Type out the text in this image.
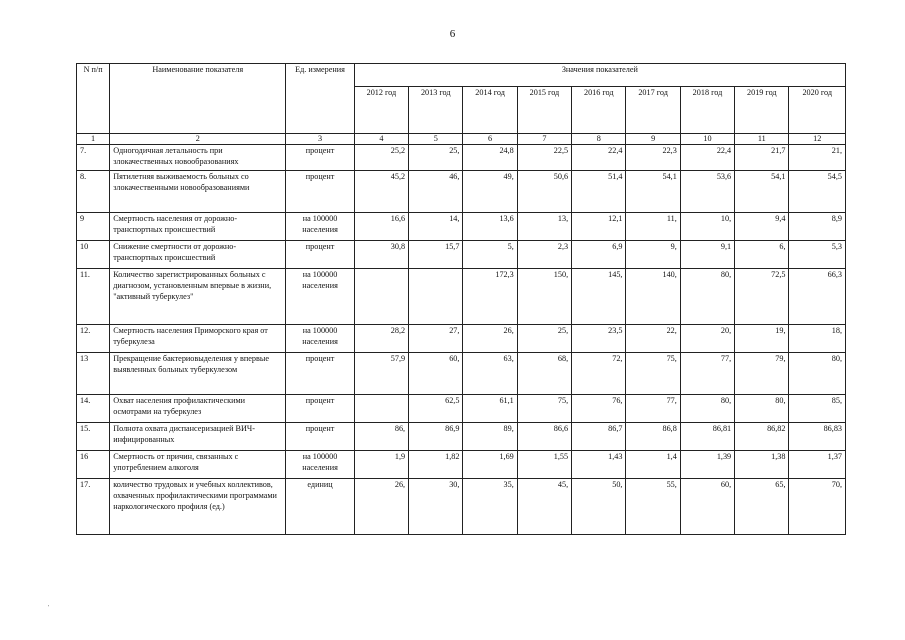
6
N п/п	Наименование показателя	Ед. измерения	Значения показателей								
			2012 год	2013 год	2014 год	2015 год	2016 год	2017 год	2018 год	2019 год	2020 год
1	2	3	4	5	6	7	8	9	10	11	12
7.	Одногодичная летальность при злокачественных новообразованиях	процент	25,2	25,	24,8	22,5	22,4	22,3	22,4	21,7	21,
8.	Пятилетняя выживаемость больных со злокачественными новообразованиями	процент	45,2	46,	49,	50,6	51,4	54,1	53,6	54,1	54,5
9	Смертность населения от дорожно-транспортных происшествий	на 100000 населения	16,6	14,	13,6	13,	12,1	11,	10,	9,4	8,9
10	Снижение смертности от дорожно-транспортных происшествий	процент	30,8	15,7	5,	2,3	6,9	9,	9,1	6,	5,3
11.	Количество зарегистрированных больных с диагнозом, установленным впервые в жизни, "активный туберкулез"	на 100000 населения			172,3	150,	145,	140,	80,	72,5	66,3
12.	Смертность населения Приморского края от туберкулеза	на 100000 населения	28,2	27,	26,	25,	23,5	22,	20,	19,	18,
13	Прекращение бактериовыделения у впервые выявленных больных туберкулезом	процент	57,9	60,	63,	68,	72,	75,	77,	79,	80,
14.	Охват населения профилактическими осмотрами на туберкулез	процент		62,5	61,1	75,	76,	77,	80,	80,	85,
15.	Полнота охвата диспансеризацией ВИЧ-инфицированных	процент	86,	86,9	89,	86,6	86,7	86,8	86,81	86,82	86,83
16	Смертность от причин, связанных с употреблением алкоголя	на 100000 населения	1,9	1,82	1,69	1,55	1,43	1,4	1,39	1,38	1,37
17.	количество трудовых и учебных коллективов, охваченных профилактическими программами наркологического профиля (ед.)	единиц	26,	30,	35,	45,	50,	55,	60,	65,	70,
'
